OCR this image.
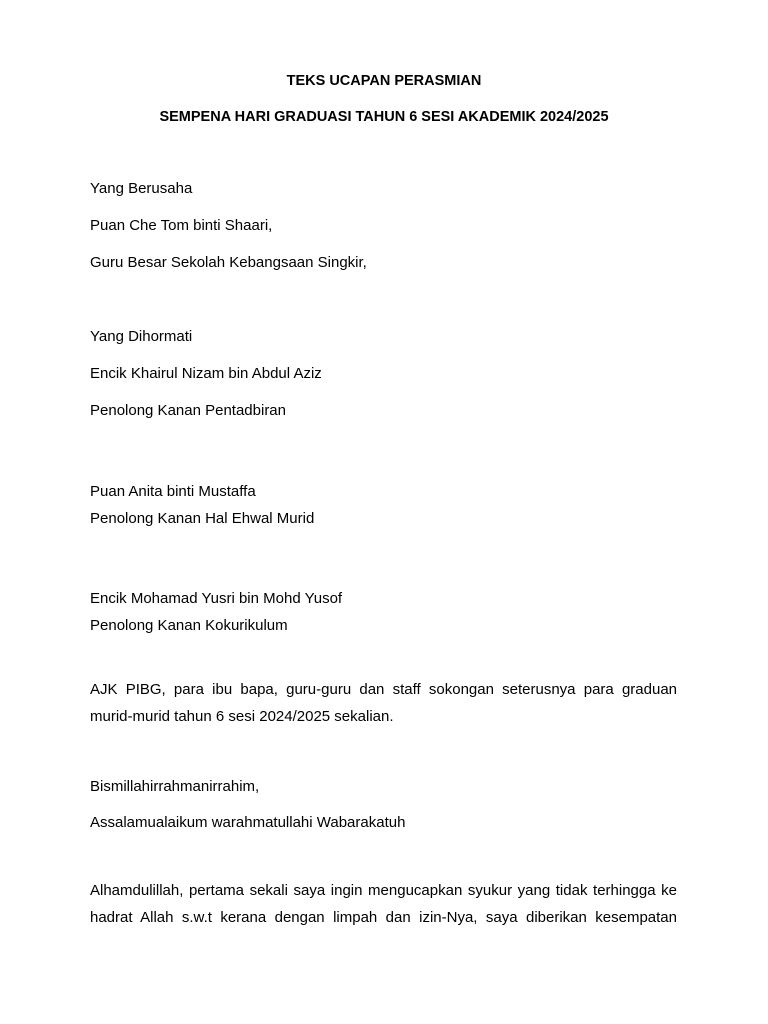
TEKS UCAPAN PERASMIAN
SEMPENA HARI GRADUASI TAHUN 6 SESI AKADEMIK 2024/2025
Yang Berusaha
Puan Che Tom binti Shaari,
Guru Besar Sekolah Kebangsaan Singkir,
Yang Dihormati
Encik Khairul Nizam bin Abdul Aziz
Penolong Kanan Pentadbiran
Puan Anita binti Mustaffa
Penolong Kanan Hal Ehwal Murid
Encik Mohamad Yusri bin Mohd Yusof
Penolong Kanan Kokurikulum
AJK PIBG, para ibu bapa, guru-guru dan staff sokongan seterusnya para graduan
murid-murid tahun 6 sesi 2024/2025 sekalian.
Bismillahirrahmanirrahim,
Assalamualaikum warahmatullahi Wabarakatuh
Alhamdulillah, pertama sekali saya ingin mengucapkan syukur yang tidak terhingga ke
hadrat Allah s.w.t kerana dengan limpah dan izin-Nya, saya diberikan kesempatan
